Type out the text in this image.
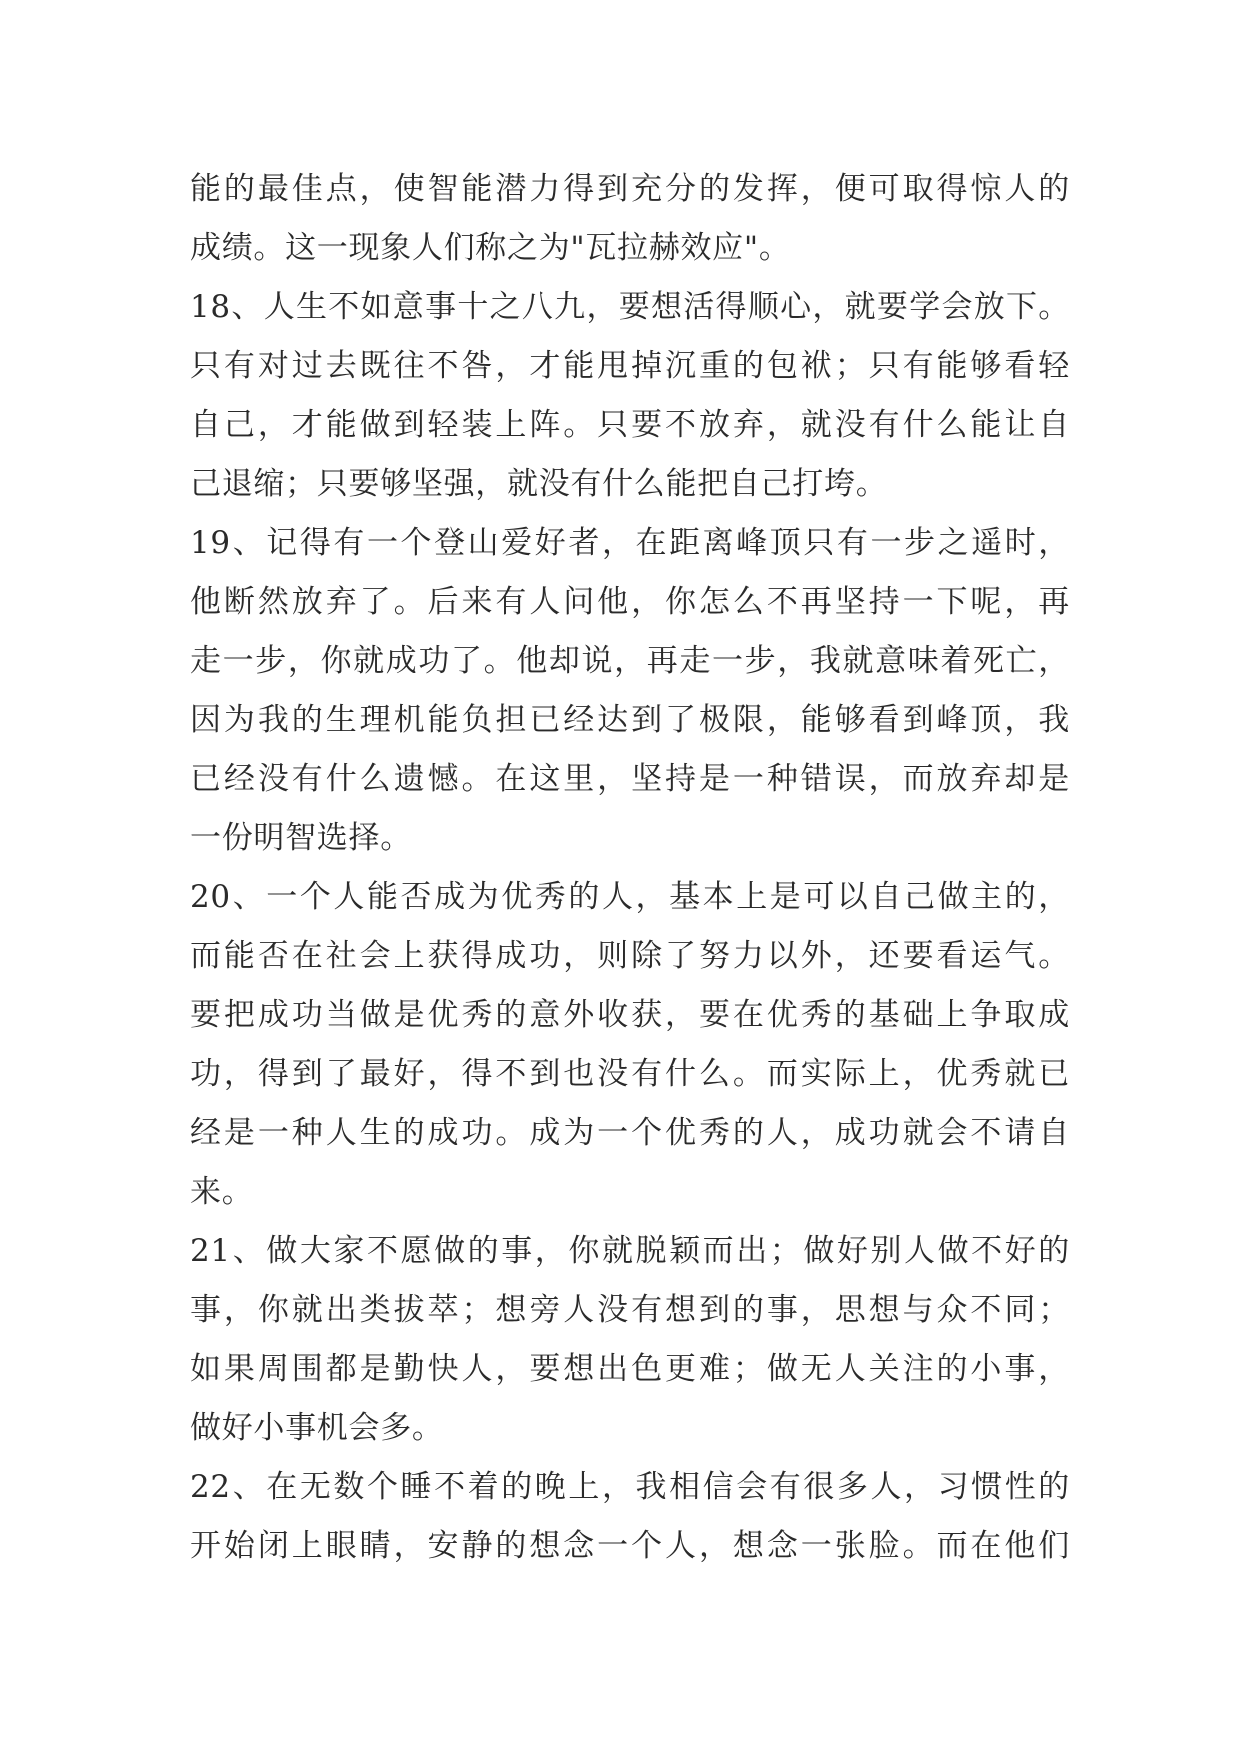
能的最佳点，使智能潜力得到充分的发挥，便可取得惊人的
成绩。这一现象人们称之为"瓦拉赫效应"。
18、人生不如意事十之八九，要想活得顺心，就要学会放下。
只有对过去既往不咎，才能甩掉沉重的包袱；只有能够看轻
自己，才能做到轻装上阵。只要不放弃，就没有什么能让自
己退缩；只要够坚强，就没有什么能把自己打垮。
19、记得有一个登山爱好者，在距离峰顶只有一步之遥时，
他断然放弃了。后来有人问他，你怎么不再坚持一下呢，再
走一步，你就成功了。他却说，再走一步，我就意味着死亡，
因为我的生理机能负担已经达到了极限，能够看到峰顶，我
已经没有什么遗憾。在这里，坚持是一种错误，而放弃却是
一份明智选择。
20、一个人能否成为优秀的人，基本上是可以自己做主的，
而能否在社会上获得成功，则除了努力以外，还要看运气。
要把成功当做是优秀的意外收获，要在优秀的基础上争取成
功，得到了最好，得不到也没有什么。而实际上，优秀就已
经是一种人生的成功。成为一个优秀的人，成功就会不请自
来。
21、做大家不愿做的事，你就脱颖而出；做好别人做不好的
事，你就出类拔萃；想旁人没有想到的事，思想与众不同；
如果周围都是勤快人，要想出色更难；做无人关注的小事，
做好小事机会多。
22、在无数个睡不着的晚上，我相信会有很多人，习惯性的
开始闭上眼睛，安静的想念一个人，想念一张脸。而在他们
